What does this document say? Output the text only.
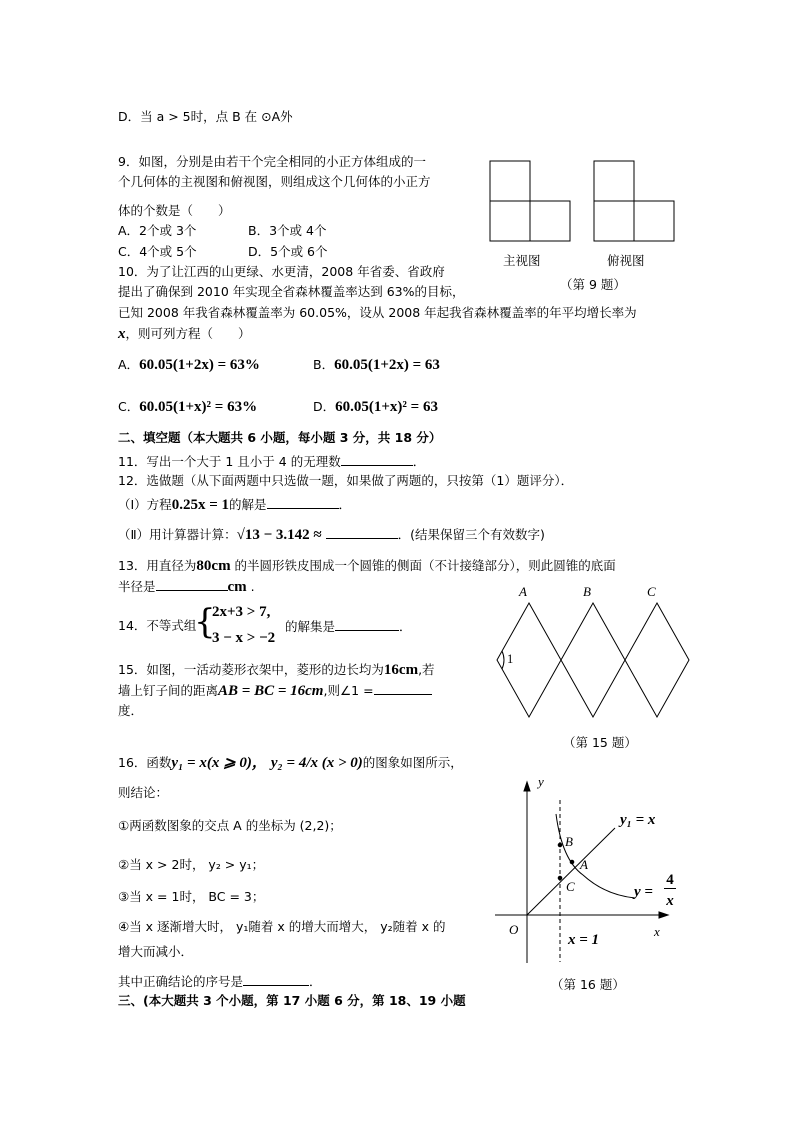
D．当 a > 5时，点 B 在 ⊙A外
9．如图，分别是由若干个完全相同的小正方体组成的一
个几何体的主视图和俯视图，则组成这个几何体的小正方
体的个数是（　　）
A．2个或 3个	B．3个或 4个
C．4个或 5个	D．5个或 6个
10．为了让江西的山更绿、水更清，2008 年省委、省政府
提出了确保到 2010 年实现全省森林覆盖率达到 63%的目标，
已知 2008 年我省森林覆盖率为 60.05%，设从 2008 年起我省森林覆盖率的年平均增长率为
x，则可列方程（　　）
A．60.05(1+2x) = 63%	B．60.05(1+2x) = 63
C．60.05(1+x)² = 63%	D．60.05(1+x)² = 63
二、填空题（本大题共 6 小题，每小题 3 分，共 18 分）
11．写出一个大于 1 且小于 4 的无理数	．
12．选做题（从下面两题中只选做一题，如果做了两题的，只按第（1）题评分）．
（Ⅰ）方程0.25x = 1的解是	．
（Ⅱ）用计算器计算：√13 − 3.142 ≈	．(结果保留三个有效数字)
13．用直径为80cm 的半圆形铁皮围成一个圆锥的侧面（不计接缝部分），则此圆锥的底面
半径是	cm .
14．不等式组
{
2x+3 > 7,
3 − x > −2
的解集是	．
15．如图，一活动菱形衣架中，菱形的边长均为16cm,若
墙上钉子间的距离AB = BC = 16cm,则∠1 =
度．
16．函数y₁ = x(x ⩾ 0)， y₂ = 4/x (x > 0)的图象如图所示，
则结论：
①两函数图象的交点 A 的坐标为 (2,2)；
②当 x > 2时， y₂ > y₁；
③当 x = 1时， BC = 3；
④当 x 逐渐增大时， y₁随着 x 的增大而增大， y₂随着 x 的
增大而减小．
其中正确结论的序号是	．
三、(本大题共 3 个小题，第 17 小题 6 分，第 18、19 小题
主视图	俯视图
（第 9 题）
A	B	C
1
（第 15 题）
y
x
O
B
A
C
y₁ = x
y =
4
x
x = 1
（第 16 题）
